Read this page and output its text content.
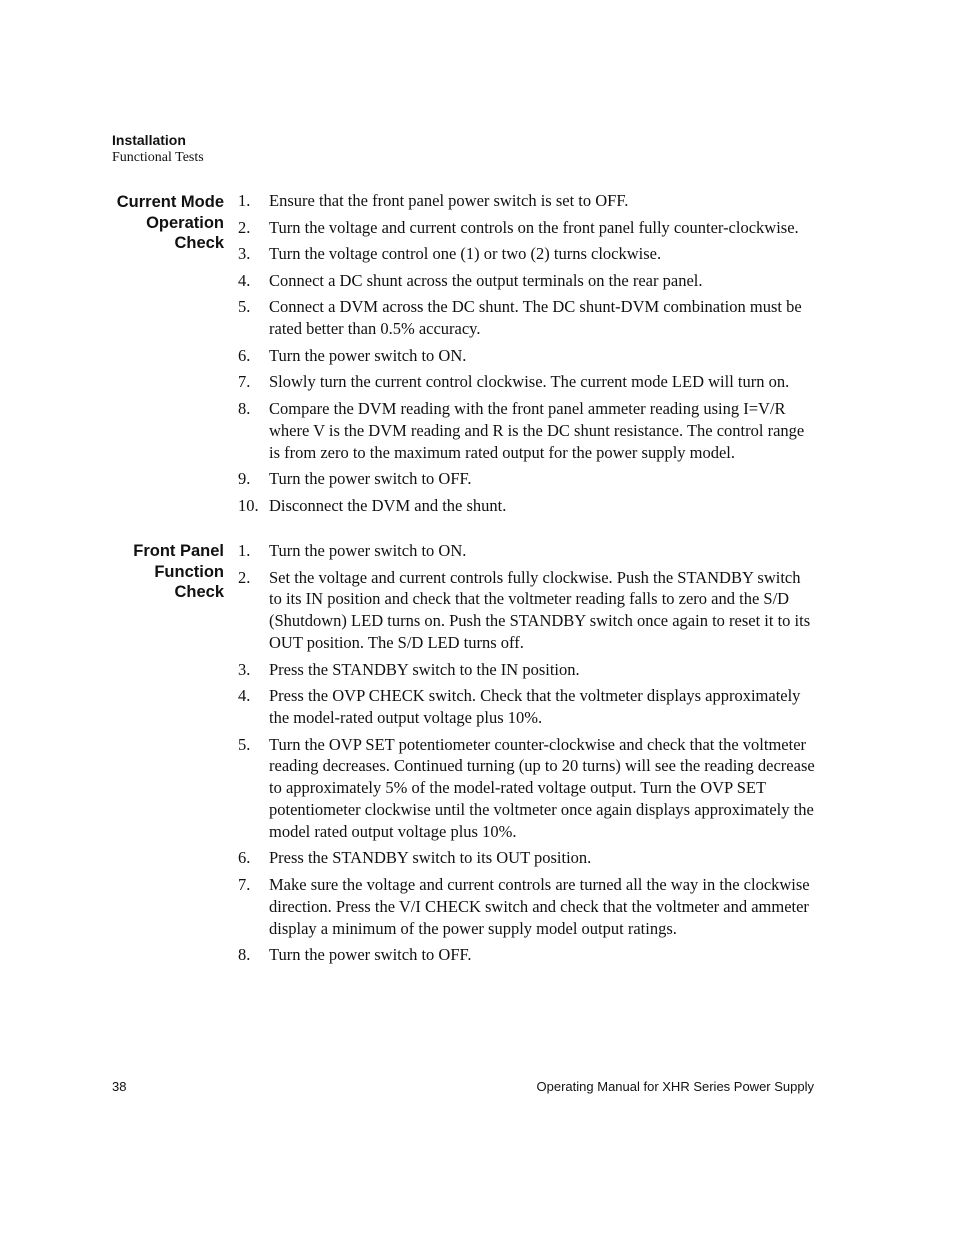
Installation
Functional Tests
Current Mode
Operation
Check
1.	Ensure that the front panel power switch is set to OFF.
2.	Turn the voltage and current controls on the front panel fully counter-clockwise.
3.	Turn the voltage control one (1) or two (2) turns clockwise.
4.	Connect a DC shunt across the output terminals on the rear panel.
5.	Connect a DVM across the DC shunt. The DC shunt-DVM combination must be rated better than 0.5% accuracy.
6.	Turn the power switch to ON.
7.	Slowly turn the current control clockwise. The current mode LED will turn on.
8.	Compare the DVM reading with the front panel ammeter reading using I=V/R where V is the DVM reading and R is the DC shunt resistance. The control range is from zero to the maximum rated output for the power supply model.
9.	Turn the power switch to OFF.
10. Disconnect the DVM and the shunt.
Front Panel
Function
Check
1.	Turn the power switch to ON.
2.	Set the voltage and current controls fully clockwise. Push the STANDBY switch to its IN position and check that the voltmeter reading falls to zero and the S/D (Shutdown) LED turns on. Push the STANDBY switch once again to reset it to its OUT position. The S/D LED turns off.
3.	Press the STANDBY switch to the IN position.
4.	Press the OVP CHECK switch. Check that the voltmeter displays approximately the model-rated output voltage plus 10%.
5.	Turn the OVP SET potentiometer counter-clockwise and check that the voltmeter reading decreases. Continued turning (up to 20 turns) will see the reading decrease to approximately 5% of the model-rated voltage output. Turn the OVP SET potentiometer clockwise until the voltmeter once again displays approximately the model rated output voltage plus 10%.
6.	Press the STANDBY switch to its OUT position.
7.	Make sure the voltage and current controls are turned all the way in the clockwise direction. Press the V/I CHECK switch and check that the voltmeter and ammeter display a minimum of the power supply model output ratings.
8.	Turn the power switch to OFF.
38	Operating Manual for XHR Series Power Supply
